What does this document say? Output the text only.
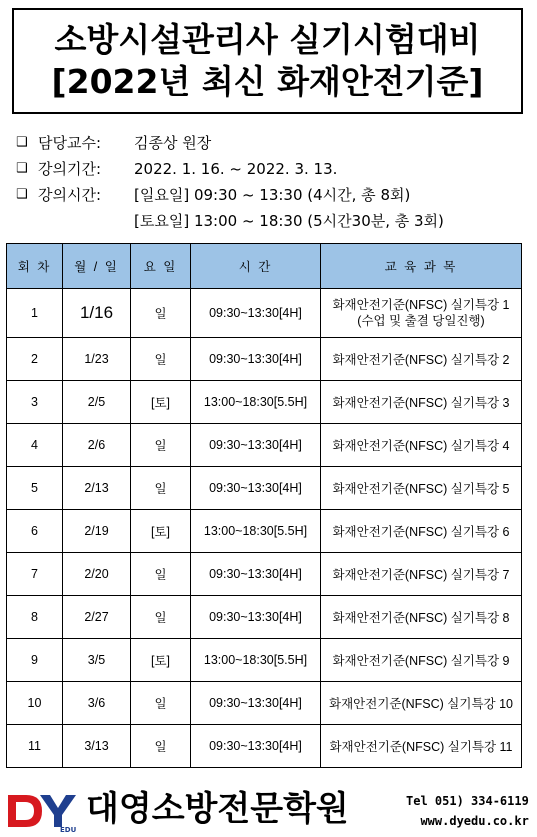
소방시설관리사 실기시험대비
[2022년 최신 화재안전기준]
❑ 담당교수:	김종상 원장
❑ 강의기간:	2022. 1. 16. ~ 2022. 3. 13.
❑ 강의시간:	[일요일] 09:30 ~ 13:30 (4시간, 총 8회)
[토요일] 13:00 ~ 18:30 (5시간30분, 총 3회)
회 차	월 / 일	요 일	시 간	교 육 과 목
1	1/16	일	09:30~13:30[4H]	화재안전기준(NFSC) 실기특강 1
(수업 및 출결 당일진행)

2	1/23	일	09:30~13:30[4H]	화재안전기준(NFSC) 실기특강 2
3	2/5	[토]	13:00~18:30[5.5H]	화재안전기준(NFSC) 실기특강 3
4	2/6	일	09:30~13:30[4H]	화재안전기준(NFSC) 실기특강 4
5	2/13	일	09:30~13:30[4H]	화재안전기준(NFSC) 실기특강 5
6	2/19	[토]	13:00~18:30[5.5H]	화재안전기준(NFSC) 실기특강 6
7	2/20	일	09:30~13:30[4H]	화재안전기준(NFSC) 실기특강 7
8	2/27	일	09:30~13:30[4H]	화재안전기준(NFSC) 실기특강 8
9	3/5	[토]	13:00~18:30[5.5H]	화재안전기준(NFSC) 실기특강 9
10	3/6	일	09:30~13:30[4H]	화재안전기준(NFSC) 실기특강 10
11	3/13	일	09:30~13:30[4H]	화재안전기준(NFSC) 실기특강 11
EDU
대영소방전문학원	Tel 051) 334-6119
www.dyedu.co.kr
